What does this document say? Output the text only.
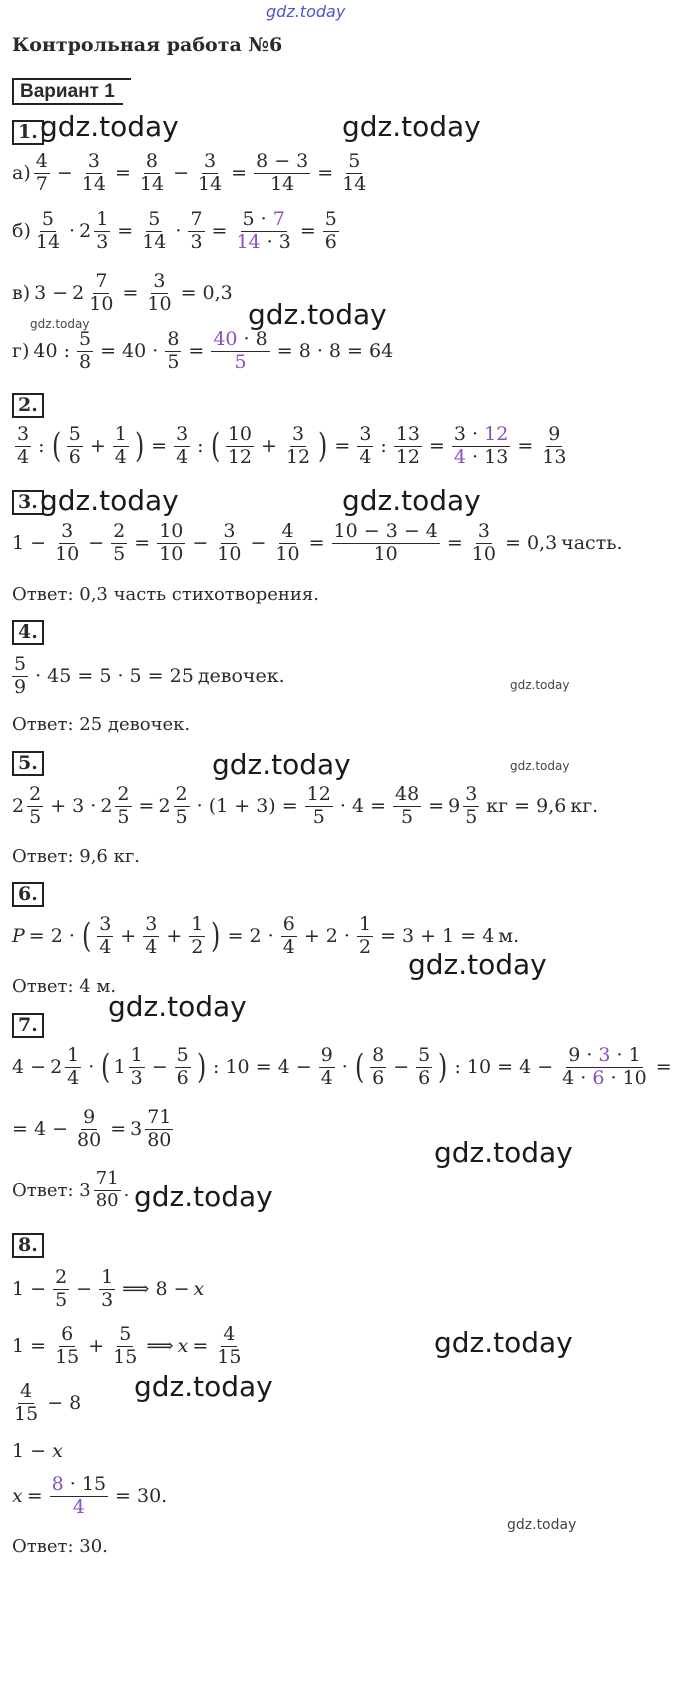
gdz.today
Контрольная работа №6
Вариант 1
1. gdz.today	gdz.today
$а) \frac{4}{7} - \frac{3}{14} = \frac{8}{14} - \frac{3}{14} = \frac{8 - 3}{14} = \frac{5}{14}$
$б) \frac{5}{14} \cdot 2 \frac{1}{3} = \frac{5}{14} \cdot \frac{7}{3} = \frac{5 \cdot 7}{14 \cdot 3} = \frac{5}{6}$
в) $3 - 2 \frac{7}{10} = \frac{3}{10} = 0,3$
gdz.today	gdz.today
г) 40 : $\frac{5}{8} = 40 \cdot \frac{8}{5} = \frac{40 \cdot 8}{5} = 8 \cdot 8 = 64$
2.
$\frac{3}{4}$ : ( $\frac{5}{6} + \frac{1}{4}$ ) = $\frac{3}{4}$ : ( $\frac{10}{12} + \frac{3}{12}$ ) = $\frac{3}{4}$ : $\frac{13}{12} = \frac{3 \cdot 12}{4 \cdot 13} = \frac{9}{13}$
3. gdz.today	gdz.today
$1 - \frac{3}{10} - \frac{2}{5} = \frac{10}{10} - \frac{3}{10} - \frac{4}{10} = \frac{10 - 3 - 4}{10} = \frac{3}{10} = 0,3$ часть.
Ответ: 0,3 часть стихотворения.
4.
$\frac{5}{9} \cdot 45 = 5 \cdot 5 = 25$ девочек.	gdz.today
Ответ: 25 девочек.
5.	gdz.today	gdz.today
$2 \frac{2}{5} + 3 \cdot 2 \frac{2}{5} = 2 \frac{2}{5} \cdot (1 + 3) = \frac{12}{5} \cdot 4 = \frac{48}{5} = 9 \frac{3}{5}$ кг = 9,6 кг.
Ответ: 9,6 кг.
6.
P = 2 · ( $\frac{3}{4} + \frac{3}{4} + \frac{1}{2}$ ) = $2 \cdot \frac{6}{4} + 2 \cdot \frac{1}{2} = 3 + 1 = 4$ м.
gdz.today
Ответ: 4 м.
7.
gdz.today
$4 - 2 \frac{1}{4}$ · ( $1 \frac{1}{3} - \frac{5}{6}$ ) : $10 = 4 - \frac{9}{4}$ · ( $\frac{8}{6} - \frac{5}{6}$ ) : $10 = 4 - \frac{9 \cdot 3 \cdot 1}{4 \cdot 6 \cdot 10}$ =
= $4 - \frac{9}{80} = 3 \frac{71}{80}$
gdz.today
Ответ:
$3 \frac{71}{80}$ . gdz.today
8.
$1 - \frac{2}{5} - \frac{1}{3}$ ⟹ 8 − x
$1 = \frac{6}{15} + \frac{5}{15}$ ⟹ $x = \frac{4}{15}$	gdz.today
gdz.today
$\frac{4}{15} - 8$
1 − x
$x = \frac{8 \cdot 15}{4} = 30$.
gdz.today
Ответ: 30.
